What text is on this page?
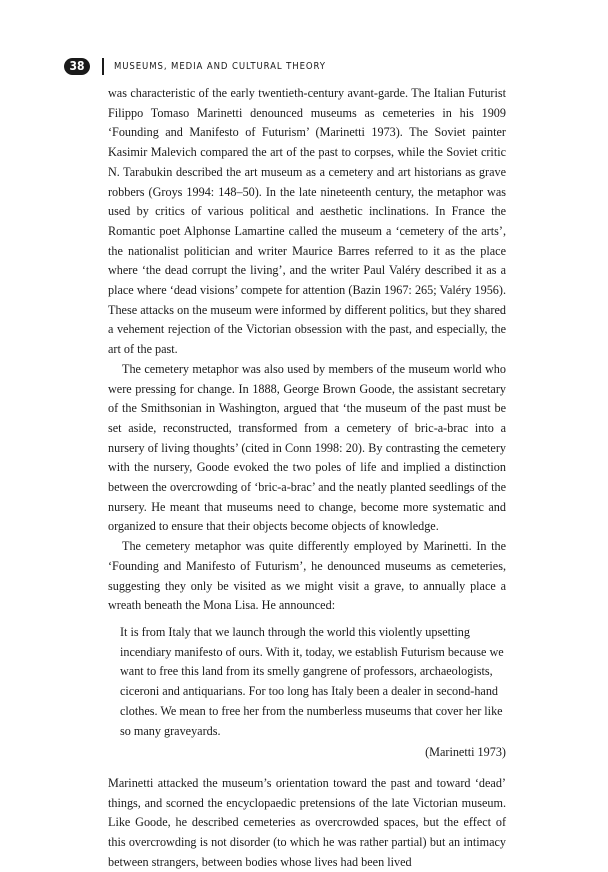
38	MUSEUMS, MEDIA AND CULTURAL THEORY

was characteristic of the early twentieth-century avant-garde. The Italian Futurist Filippo Tomaso Marinetti denounced museums as cemeteries in his 1909 ‘Founding and Manifesto of Futurism’ (Marinetti 1973). The Soviet painter Kasimir Malevich compared the art of the past to corpses, while the Soviet critic N. Tarabukin described the art museum as a cemetery and art historians as grave robbers (Groys 1994: 148–50). In the late nineteenth century, the metaphor was used by critics of various political and aesthetic inclinations. In France the Romantic poet Alphonse Lamartine called the museum a ‘cemetery of the arts’, the nationalist politician and writer Maurice Barres referred to it as the place where ‘the dead corrupt the living’, and the writer Paul Valéry described it as a place where ‘dead visions’ compete for attention (Bazin 1967: 265; Valéry 1956). These attacks on the museum were informed by different politics, but they shared a vehement rejection of the Victorian obsession with the past, and especially, the art of the past.

The cemetery metaphor was also used by members of the museum world who were pressing for change. In 1888, George Brown Goode, the assistant secretary of the Smithsonian in Washington, argued that ‘the museum of the past must be set aside, reconstructed, transformed from a cemetery of bric-a-brac into a nursery of living thoughts’ (cited in Conn 1998: 20). By contrasting the cemetery with the nursery, Goode evoked the two poles of life and implied a distinction between the overcrowding of ‘bric-a-brac’ and the neatly planted seedlings of the nursery. He meant that museums need to change, become more systematic and organized to ensure that their objects become objects of knowledge.

The cemetery metaphor was quite differently employed by Marinetti. In the ‘Founding and Manifesto of Futurism’, he denounced museums as cemeteries, suggesting they only be visited as we might visit a grave, to annually place a wreath beneath the Mona Lisa. He announced:

It is from Italy that we launch through the world this violently upsetting incendiary manifesto of ours. With it, today, we establish Futurism because we want to free this land from its smelly gangrene of professors, archaeologists, ciceroni and antiquarians. For too long has Italy been a dealer in second-hand clothes. We mean to free her from the numberless museums that cover her like so many graveyards.

(Marinetti 1973)

Marinetti attacked the museum’s orientation toward the past and toward ‘dead’ things, and scorned the encyclopaedic pretensions of the late Victorian museum. Like Goode, he described cemeteries as overcrowded spaces, but the effect of this overcrowding is not disorder (to which he was rather partial) but an intimacy between strangers, between bodies whose lives had been lived
